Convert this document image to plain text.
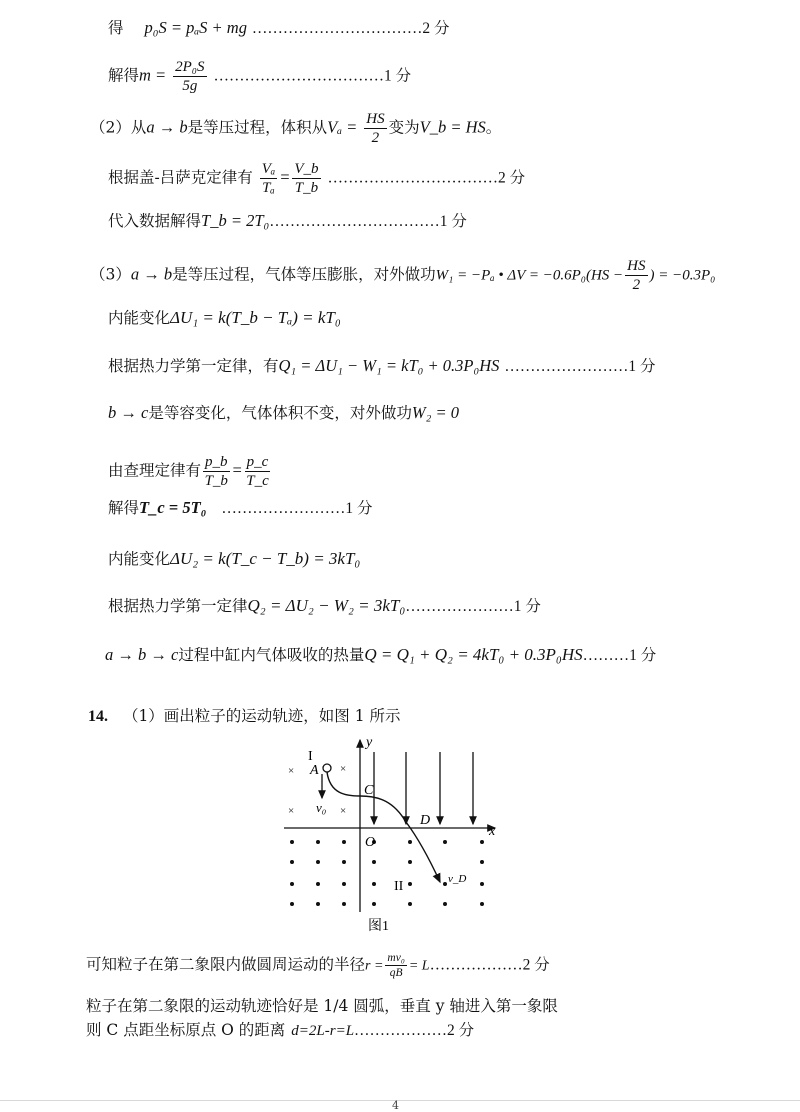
得 p₀S = pₐS + mg ……………………………2 分
解得$m = \frac{\text{2P₀S}}{5g}$ ……………………………1 分
（2）从a → b是等压过程，体积从$V_a = \frac{HS}{2}$ 变为V_b = HS。
根据盖-吕萨克定律有 $\frac{\text{Vₐ}}{\text{Tₐ}} = \frac{V\_b}{T\_b}$ ……………………………2 分
代入数据解得T_b = 2T₀……………………………1 分
（3）a → b是等压过程，气体等压膨胀，对外做功W₁ = −Pₐ • $\Delta V = -0.6P_0(HS - \frac{HS}{2}$ ) = −0.3P₀
内能变化ΔU₁ = k(T_b − Tₐ) = kT₀
根据热力学第一定律，有Q₁ = ΔU₁ − W₁ = kT₀ + 0.3P₀HS ……………………1 分
b → c是等容变化，气体体积不变，对外做功W₂ = 0
由查理定律有 $\frac{p\_b}{T\_b} = \frac{p\_c}{T\_c}$
解得T_c = 5T₀ ……………………1 分
内能变化ΔU₂ = k(T_c − T_b) = 3kT₀
根据热力学第一定律Q₂ = ΔU₂ − W₂ = 3kT₀…………………1 分
a → b → c过程中缸内气体吸收的热量Q = Q₁ + Q₂ = 4kT₀ + 0.3P₀HS………1 分
14. （1）画出粒子的运动轨迹，如图 1 所示
y
x
I
II
×	×
×	×
A
v₀
C
D
O
v_D
图1
可知粒子在第二象限内做圆周运动的半径$r = \frac{\text{mv₀}}{qB}$ = L………………2 分
粒子在第二象限的运动轨迹恰好是 1/4 圆弧，垂直 y 轴进入第一象限
则 C 点距坐标原点 O 的距离 d=2L-r=L………………2 分
4
